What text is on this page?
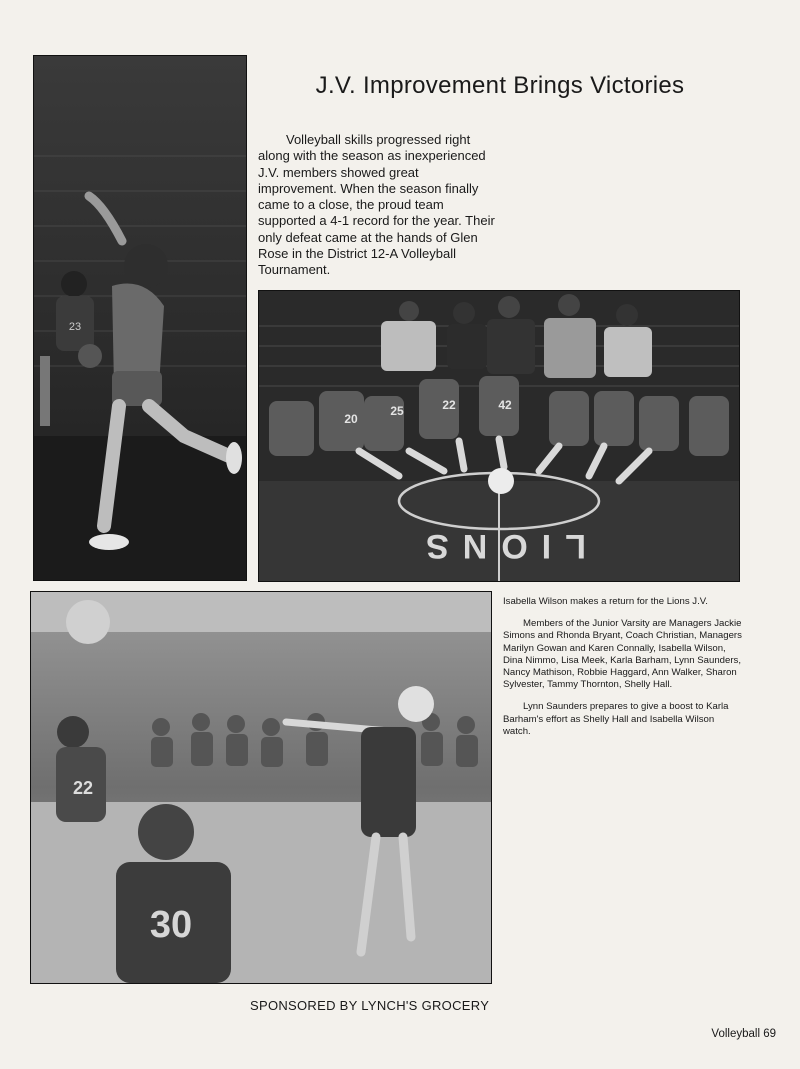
23
J.V. Improvement Brings Victories

Volleyball skills progressed right along with the season as inexperienced J.V. members showed great improvement. When the season finally came to a close, the proud team supported a 4-1 record for the year. Their only defeat came at the hands of Glen Rose in the District 12-A Volleyball Tournament.

LIONS
20
25	22	42
22
30

Isabella Wilson makes a return for the Lions J.V.

Members of the Junior Varsity are Managers Jackie Simons and Rhonda Bryant, Coach Christian, Managers Marilyn Gowan and Karen Connally, Isabella Wilson, Dina Nimmo, Lisa Meek, Karla Barham, Lynn Saunders, Nancy Mathison, Robbie Haggard, Ann Walker, Sharon Sylvester, Tammy Thornton, Shelly Hall.

Lynn Saunders prepares to give a boost to Karla Barham's effort as Shelly Hall and Isabella Wilson watch.

SPONSORED BY LYNCH'S GROCERY
Volleyball 69
